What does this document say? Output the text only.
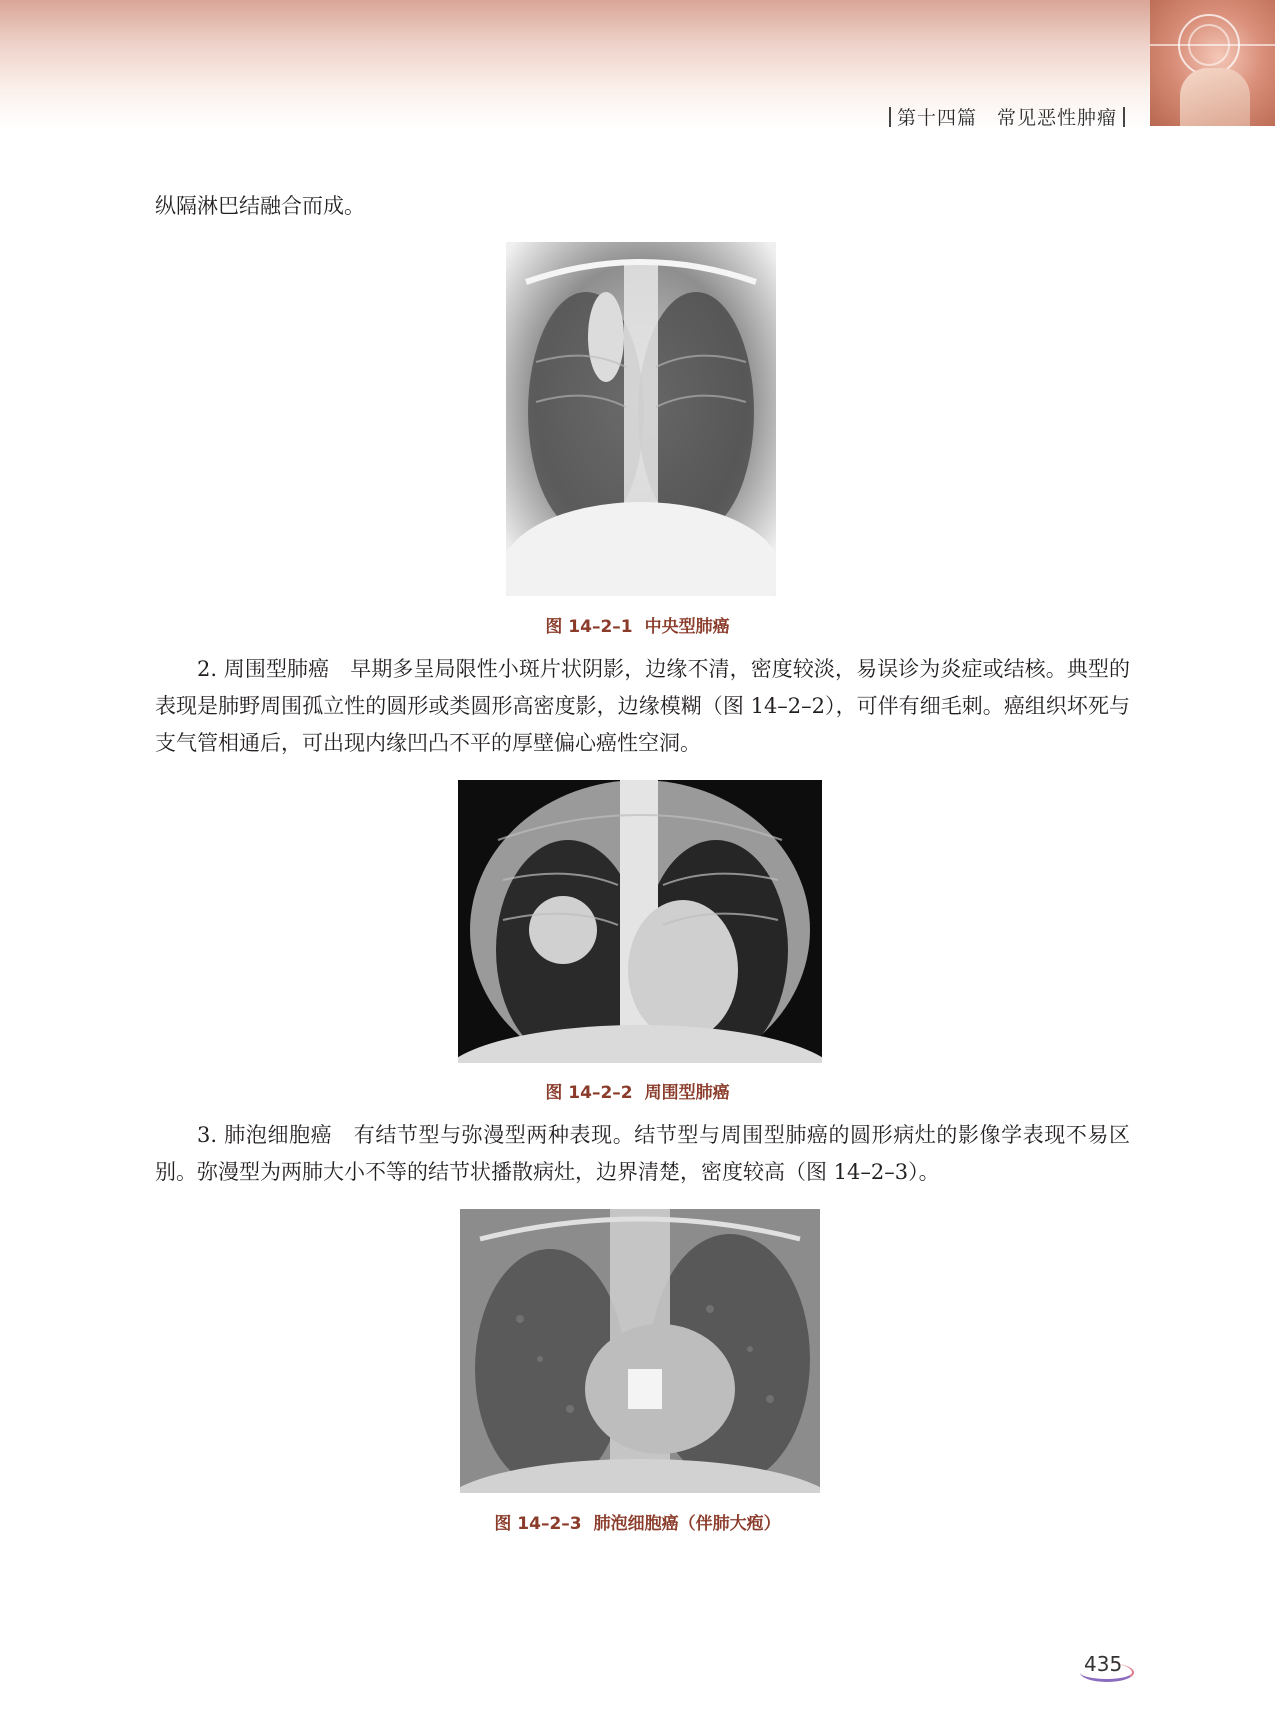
第十四篇　 常见恶性肿瘤

纵隔淋巴结融合而成。

图 14–2–1 中央型肺癌

2. 周围型肺癌　早期多呈局限性小斑片状阴影，边缘不清，密度较淡，易误诊为炎症或结核。典型的表现是肺野周围孤立性的圆形或类圆形高密度影，边缘模糊（图 14–2–2），可伴有细毛刺。癌组织坏死与支气管相通后，可出现内缘凹凸不平的厚壁偏心癌性空洞。

图 14–2–2 周围型肺癌

3. 肺泡细胞癌　有结节型与弥漫型两种表现。结节型与周围型肺癌的圆形病灶的影像学表现不易区别。弥漫型为两肺大小不等的结节状播散病灶，边界清楚，密度较高（图 14–2–3）。

图 14–2–3 肺泡细胞癌（伴肺大疱）
435
